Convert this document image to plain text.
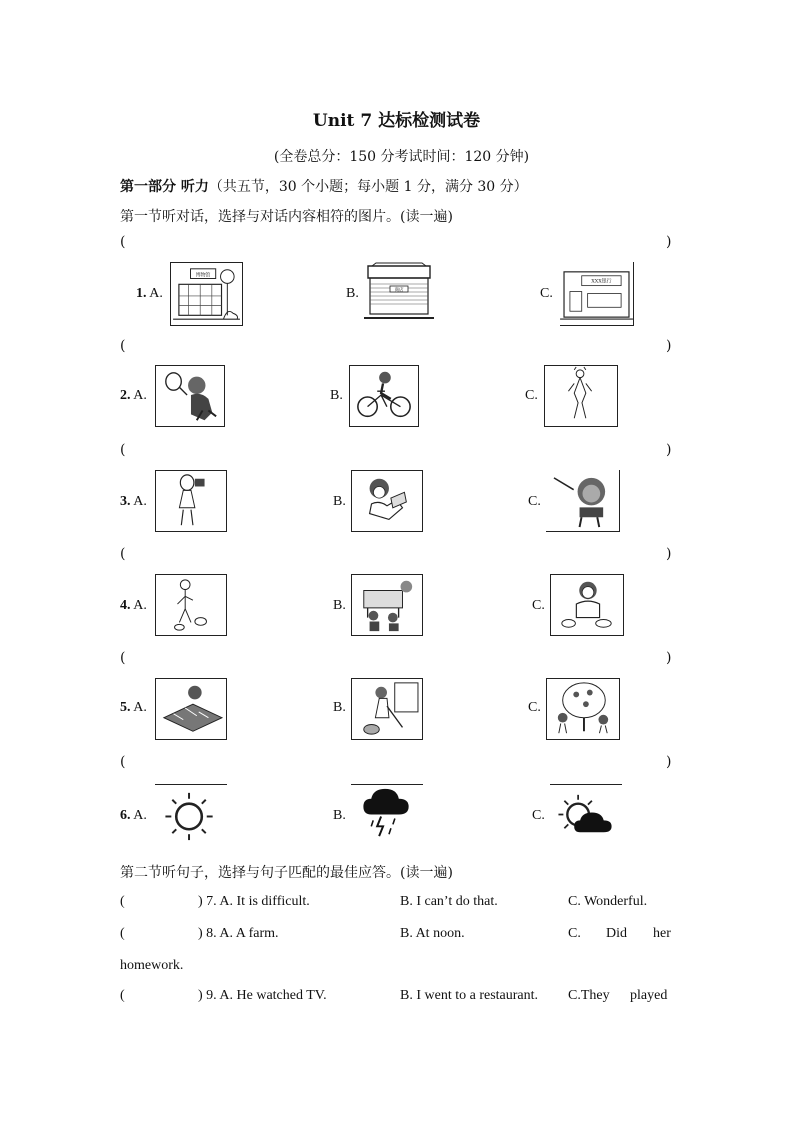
Unit 7 达标检测试卷
(全卷总分：150 分考试时间：120 分钟)
第一部分 听力（共五节，30 个小题；每小题 1 分，满分 30 分）
第一节听对话，选择与对话内容相符的图片。(读一遍)
(	)
1. A.
博物馆
B.	商店	C.
XXX银行
(	)
2. A.	B.	C.
(	)
3. A.	B.	C.
(	)
4. A.	B.	C.
(	)
5. A.	B.	C.
(	)
6. A.	B.	C.
第二节听句子，选择与句子匹配的最佳应答。(读一遍)
(	) 7. A. It is difficult.	B. I can’t do that.	C. Wonderful.
(	) 8. A. A farm.	B. At noon.	C. Did her
homework.
(	) 9. A. He watched TV.	B. I went to a restaurant. C.They played
